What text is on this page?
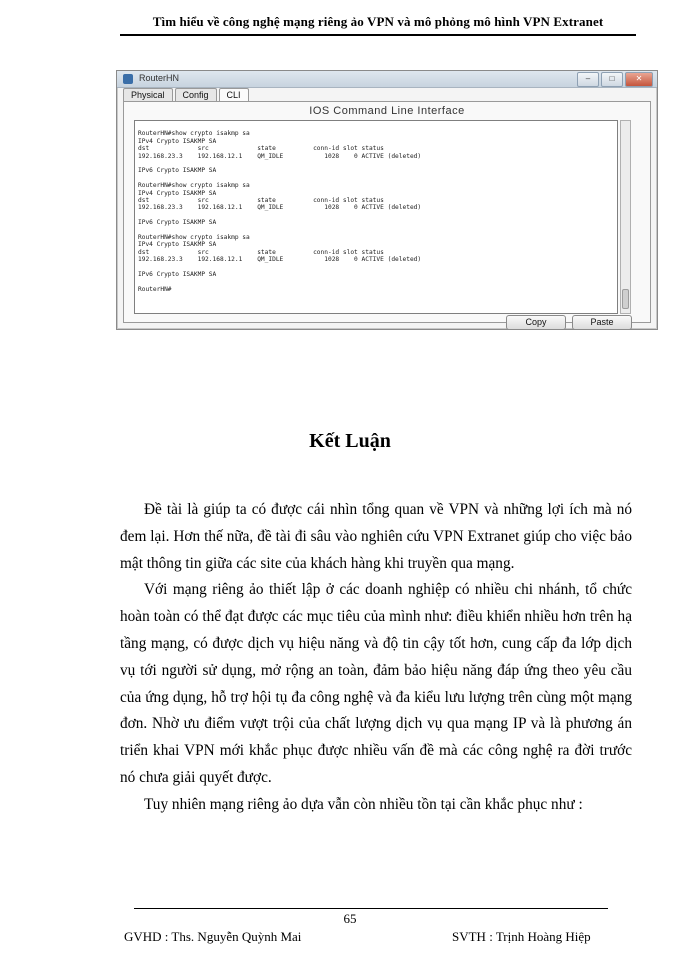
Tìm hiểu về công nghệ mạng riêng ảo VPN và mô phỏng mô hình VPN Extranet
RouterHN	–	□	✕
Physical	Config	CLI
IOS Command Line Interface

RouterHN#show crypto isakmp sa
IPv4 Crypto ISAKMP SA
dst             src             state          conn-id slot status
192.168.23.3    192.168.12.1    QM_IDLE           1028    0 ACTIVE (deleted)
IPv6 Crypto ISAKMP SA
RouterHN#show crypto isakmp sa
IPv4 Crypto ISAKMP SA
dst             src             state          conn-id slot status
192.168.23.3    192.168.12.1    QM_IDLE           1028    0 ACTIVE (deleted)
IPv6 Crypto ISAKMP SA
RouterHN#show crypto isakmp sa
IPv4 Crypto ISAKMP SA
dst             src             state          conn-id slot status
192.168.23.3    192.168.12.1    QM_IDLE           1028    0 ACTIVE (deleted)
IPv6 Crypto ISAKMP SA
RouterHN#
Copy	Paste
Kết Luận

Đề tài là giúp ta có được cái nhìn tổng quan về VPN và những lợi ích mà nó đem lại. Hơn thế nữa, đề tài đi sâu vào nghiên cứu VPN Extranet giúp cho việc bảo mật thông tin giữa các site của khách hàng khi truyền qua mạng.

Với mạng riêng ảo thiết lập ở các doanh nghiệp có nhiều chi nhánh, tổ chức hoàn toàn có thể đạt được các mục tiêu của mình như: điều khiển nhiều hơn trên hạ tầng mạng, có được dịch vụ hiệu năng và độ tin cậy tốt hơn, cung cấp đa lớp dịch vụ tới người sử dụng, mở rộng an toàn, đảm bảo hiệu năng đáp ứng theo yêu cầu của ứng dụng, hỗ trợ hội tụ đa công nghệ và đa kiểu lưu lượng trên cùng một mạng đơn. Nhờ ưu điểm vượt trội của chất lượng dịch vụ qua mạng IP và là phương án triển khai VPN mới khắc phục được nhiều vấn đề mà các công nghệ ra đời trước nó chưa giải quyết được.

Tuy nhiên mạng riêng ảo dựa vẫn còn nhiều tồn tại cần khắc phục như :

65
GVHD : Ths. Nguyễn Quỳnh Mai	SVTH : Trịnh Hoàng Hiệp
